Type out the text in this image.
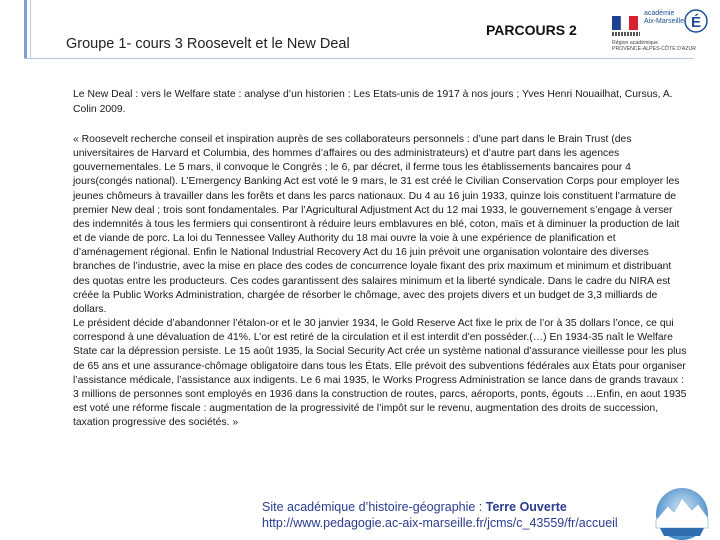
Groupe 1- cours 3 Roosevelt et le New Deal
PARCOURS 2
académie
Aix-Marseille
Région académique
PROVENCE-ALPES-CÔTE D'AZUR
É
Le New Deal : vers le Welfare state : analyse d’un historien : Les Etats-unis de 1917 à nos jours ; Yves Henri Nouailhat, Cursus, A. Colin 2009.

« Roosevelt recherche conseil et inspiration auprès de ses collaborateurs personnels : d’une part dans le Brain Trust (des universitaires de Harvard et Columbia, des hommes d’affaires ou des administrateurs) et d’autre part dans les agences gouvernementales. Le 5 mars, il convoque le Congrès ; le 6, par décret, il ferme tous les établissements bancaires pour 4 jours(congés national). L’Emergency Banking Act est voté le 9 mars, le 31 est créé le Civilian Conservation Corps pour employer les jeunes chômeurs à travailler dans les forêts et dans les parcs nationaux. Du 4 au 16 juin 1933, quinze lois constituent l’armature de premier New deal ; trois sont fondamentales. Par l’Agricultural Adjustment Act du 12 mai 1933, le gouvernement s’engage à verser des indemnités à tous les fermiers qui consentiront à réduire leurs emblavures en blé, coton, maïs et à diminuer la production de lait et de viande de porc. La loi du Tennessee Valley Authority du 18 mai ouvre la voie à une expérience de planification et d’aménagement régional. Enfin le National Industrial Recovery Act du 16 juin prévoit une organisation volontaire des diverses branches de l’industrie, avec la mise en place des codes de concurrence loyale fixant des prix maximum et minimum et distribuant des quotas entre les producteurs. Ces codes garantissent des salaires minimum et la liberté syndicale. Dans le cadre du NIRA est créée la Public Works Administration, chargée de résorber le chômage, avec des projets divers et un budget de 3,3 milliards de dollars.

Le président décide d’abandonner l’étalon-or et le 30 janvier 1934, le Gold Reserve Act fixe le prix de l’or à 35 dollars l’once, ce qui correspond à une dévaluation de 41%. L’or est retiré de la circulation et il est interdit d’en posséder.(…) En 1934-35 naît le Welfare State car la dépression persiste. Le 15 août 1935, la Social Security Act crée un système national d’assurance vieillesse pour les plus de 65 ans et une assurance-chômage obligatoire dans tous les États. Elle prévoit des subventions fédérales aux États pour organiser l’assistance médicale, l’assistance aux indigents. Le 6 mai 1935, le Works Progress Administration se lance dans de grands travaux : 3 millions de personnes sont employés en 1936 dans la construction de routes, parcs, aéroports, ponts, égouts …Enfin, en aout 1935 est voté une réforme fiscale : augmentation de la progressivité de l’impôt sur le revenu, augmentation des droits de succession, taxation progressive des sociétés. »

Site académique d’histoire-géographie : Terre Ouverte
http://www.pedagogie.ac-aix-marseille.fr/jcms/c_43559/fr/accueil
